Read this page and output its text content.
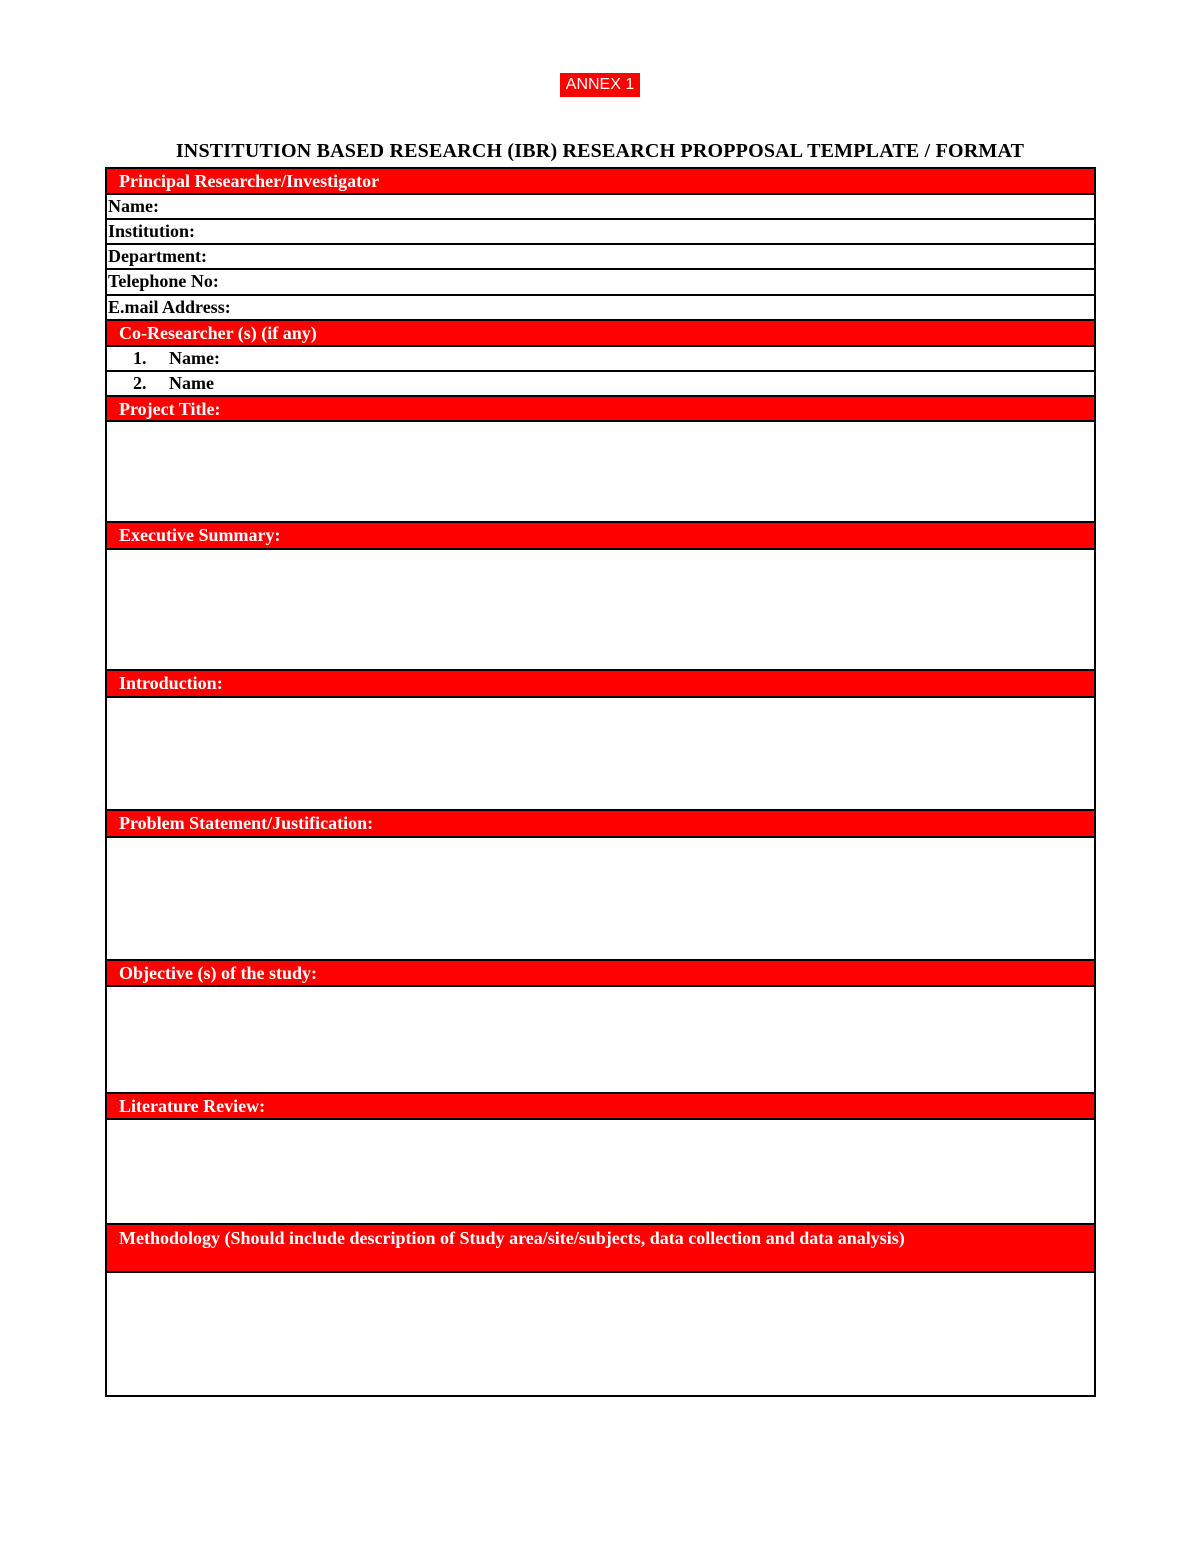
ANNEX 1
INSTITUTION BASED RESEARCH (IBR) RESEARCH PROPPOSAL TEMPLATE / FORMAT
Principal Researcher/Investigator
Name:
Institution:
Department:
Telephone No:
E.mail Address:
Co-Researcher (s) (if any)
1. Name:
2. Name
Project Title:
Executive Summary:
Introduction:
Problem Statement/Justification:
Objective (s) of the study:
Literature Review:
Methodology (Should include description of Study area/site/subjects, data collection and data analysis)
